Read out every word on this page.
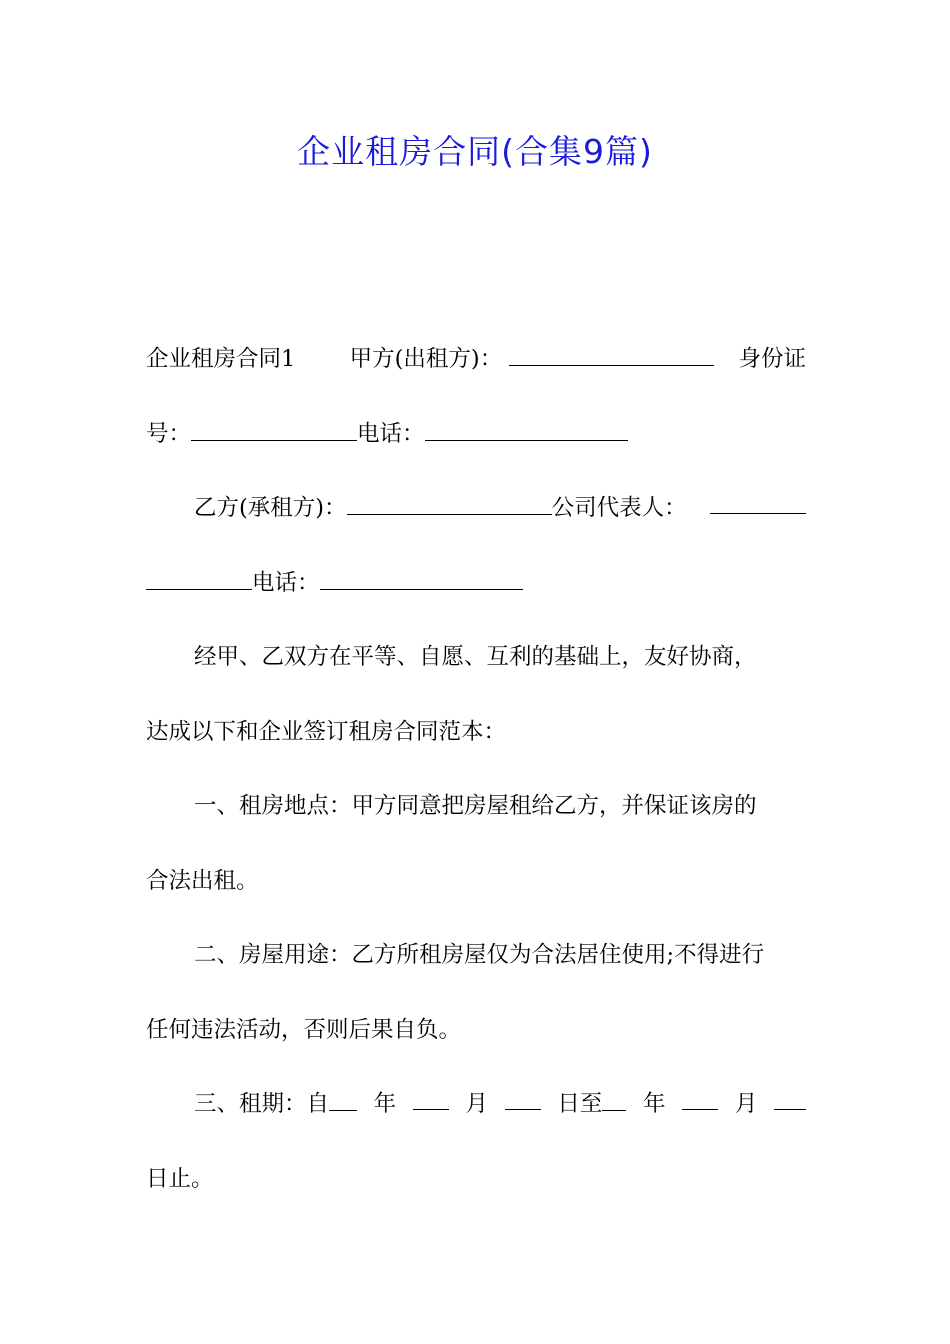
企业租房合同(合集9篇)
企业租房合同1 甲方(出租方)：	身份证
号：	电话：
乙方(承租方)：	公司代表人：
电话：
经甲、乙双方在平等、自愿、互利的基础上，友好协商，
达成以下和企业签订租房合同范本：
一、租房地点：甲方同意把房屋租给乙方，并保证该房的
合法出租。
二、房屋用途：乙方所租房屋仅为合法居住使用;不得进行
任何违法活动，否则后果自负。
三、租期：自	年	月	日至	年	月
日止。
